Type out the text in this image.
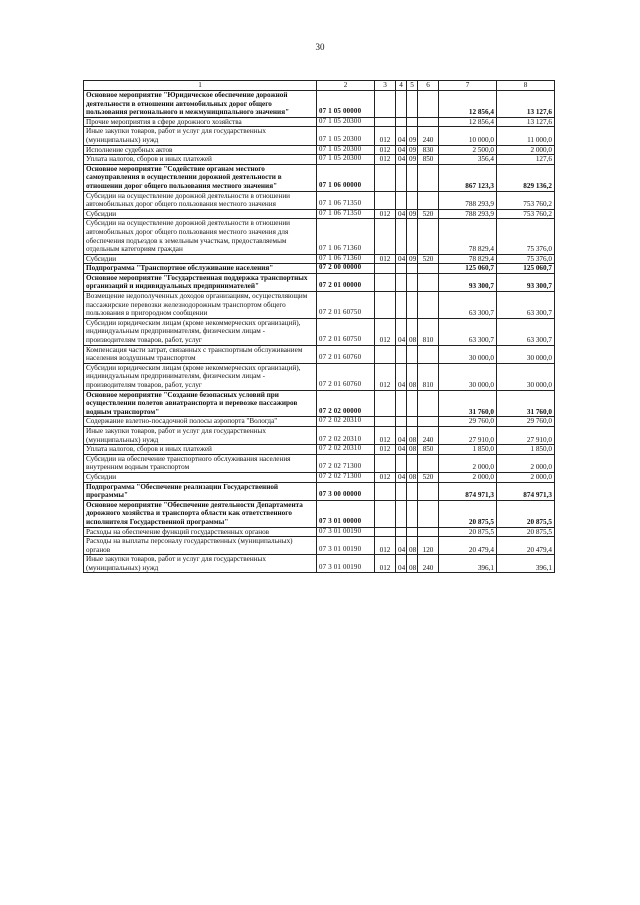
30
1	2	3	4	5	6	7	8
Основное мероприятие "Юридическое обеспечение дорожной деятельности в отношении автомобильных дорог общего пользования регионального и межмуниципального значения"	07 1 05 00000					12 856,4	13 127,6
Прочие мероприятия в сфере дорожного хозяйства	07 1 05 20300					12 856,4	13 127,6
Иные закупки товаров, работ и услуг для государственных (муниципальных) нужд	07 1 05 20300	012	04	09	240	10 000,0	11 000,0
Исполнение судебных актов	07 1 05 20300	012	04	09	830	2 500,0	2 000,0
Уплата налогов, сборов и иных платежей	07 1 05 20300	012	04	09	850	356,4	127,6
Основное мероприятие "Содействие органам местного самоуправления в осуществлении дорожной деятельности в отношении дорог общего пользования местного значения"	07 1 06 00000					867 123,3	829 136,2
Субсидии на осуществление дорожной деятельности в отношении автомобильных дорог общего пользования местного значения	07 1 06 71350					788 293,9	753 760,2
Субсидии	07 1 06 71350	012	04	09	520	788 293,9	753 760,2
Субсидии на осуществление дорожной деятельности в отношении автомобильных дорог общего пользования местного значения для обеспечения подъездов к земельным участкам, предоставляемым отдельным категориям граждан	07 1 06 71360					78 829,4	75 376,0
Субсидии	07 1 06 71360	012	04	09	520	78 829,4	75 376,0
Подпрограмма "Транспортное обслуживание населения"	07 2 00 00000					125 060,7	125 060,7
Основное мероприятие "Государственная поддержка транспортных организаций и индивидуальных предпринимателей"	07 2 01 00000					93 300,7	93 300,7
Возмещение недополученных доходов организациям, осуществляющим пассажирские перевозки железнодорожным транспортом общего пользования в пригородном сообщении	07 2 01 60750					63 300,7	63 300,7
Субсидии юридическим лицам (кроме некоммерческих организаций), индивидуальным предпринимателям, физическим лицам - производителям товаров, работ, услуг	07 2 01 60750	012	04	08	810	63 300,7	63 300,7
Компенсация части затрат, связанных с транспортным обслуживанием населения воздушным транспортом	07 2 01 60760					30 000,0	30 000,0
Субсидии юридическим лицам (кроме некоммерческих организаций), индивидуальным предпринимателям, физическим лицам - производителям товаров, работ, услуг	07 2 01 60760	012	04	08	810	30 000,0	30 000,0
Основное мероприятие "Создание безопасных условий при осуществлении полетов авиатранспорта и перевозке пассажиров водным транспортом"	07 2 02 00000					31 760,0	31 760,0
Содержание взлетно-посадочной полосы аэропорта "Вологда"	07 2 02 20310					29 760,0	29 760,0
Иные закупки товаров, работ и услуг для государственных (муниципальных) нужд	07 2 02 20310	012	04	08	240	27 910,0	27 910,0
Уплата налогов, сборов и иных платежей	07 2 02 20310	012	04	08	850	1 850,0	1 850,0
Субсидии на обеспечение транспортного обслуживания населения внутренним водным транспортом	07 2 02 71300					2 000,0	2 000,0
Субсидии	07 2 02 71300	012	04	08	520	2 000,0	2 000,0
Подпрограмма "Обеспечение реализации Государственной программы"	07 3 00 00000					874 971,3	874 971,3
Основное мероприятие "Обеспечение деятельности Департамента дорожного хозяйства и транспорта области как ответственного исполнителя Государственной программы"	07 3 01 00000					20 875,5	20 875,5
Расходы на обеспечение функций государственных органов	07 3 01 00190					20 875,5	20 875,5
Расходы на выплаты персоналу государственных (муниципальных) органов	07 3 01 00190	012	04	08	120	20 479,4	20 479,4
Иные закупки товаров, работ и услуг для государственных (муниципальных) нужд	07 3 01 00190	012	04	08	240	396,1	396,1
